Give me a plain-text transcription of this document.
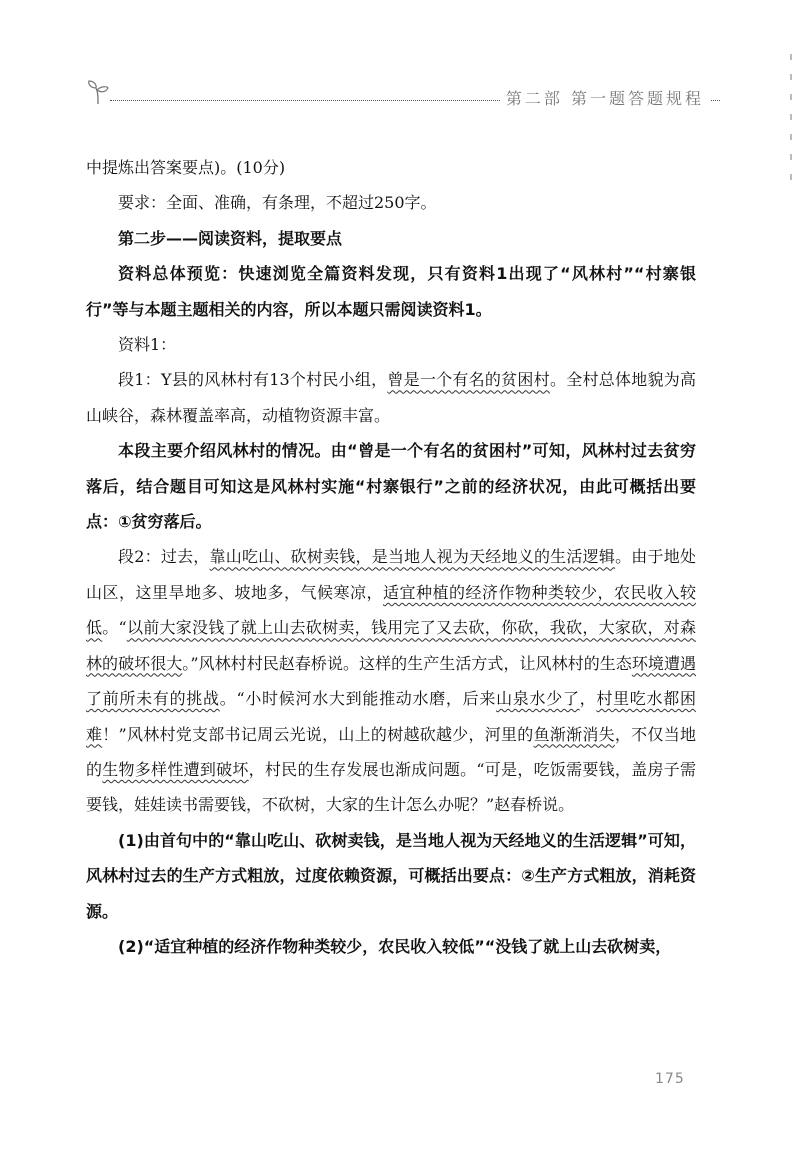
第二部 第一题答题规程

中提炼出答案要点)。(10分)

要求：全面、准确，有条理，不超过250字。

第二步——阅读资料，提取要点

资料总体预览：快速浏览全篇资料发现，只有资料1出现了“风林村”“村寨银行”等与本题主题相关的内容，所以本题只需阅读资料1。

资料1：

段1：Y县的风林村有13个村民小组，曾是一个有名的贫困村。全村总体地貌为高山峡谷，森林覆盖率高，动植物资源丰富。

本段主要介绍风林村的情况。由“曾是一个有名的贫困村”可知，风林村过去贫穷落后，结合题目可知这是风林村实施“村寨银行”之前的经济状况，由此可概括出要点：①贫穷落后。

段2：过去，靠山吃山、砍树卖钱，是当地人视为天经地义的生活逻辑。由于地处山区，这里旱地多、坡地多，气候寒凉，适宜种植的经济作物种类较少，农民收入较低。“以前大家没钱了就上山去砍树卖，钱用完了又去砍，你砍，我砍，大家砍，对森林的破坏很大。”风林村村民赵春桥说。这样的生产生活方式，让风林村的生态环境遭遇了前所未有的挑战。“小时候河水大到能推动水磨，后来山泉水少了，村里吃水都困难！”风林村党支部书记周云光说，山上的树越砍越少，河里的鱼渐渐消失，不仅当地的生物多样性遭到破坏，村民的生存发展也渐成问题。“可是，吃饭需要钱，盖房子需要钱，娃娃读书需要钱，不砍树，大家的生计怎么办呢？”赵春桥说。

(1)由首句中的“靠山吃山、砍树卖钱，是当地人视为天经地义的生活逻辑”可知，风林村过去的生产方式粗放，过度依赖资源，可概括出要点：②生产方式粗放，消耗资源。

(2)“适宜种植的经济作物种类较少，农民收入较低”“没钱了就上山去砍树卖，

175
